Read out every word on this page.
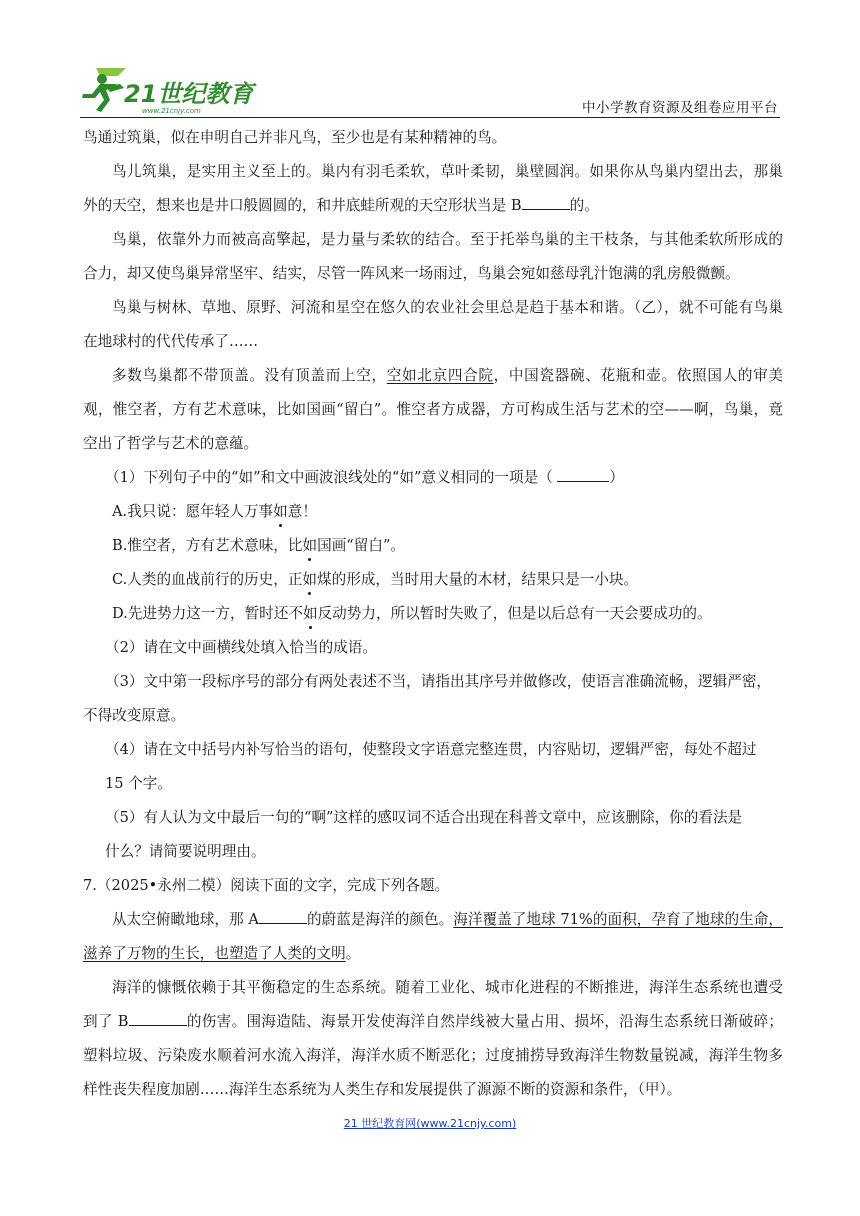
21世纪教育
www.21cnjy.com	中小学教育资源及组卷应用平台

鸟通过筑巢，似在申明自己并非凡鸟，至少也是有某种精神的鸟。

鸟儿筑巢，是实用主义至上的。巢内有羽毛柔软，草叶柔韧，巢壁圆润。如果你从鸟巢内望出去，那巢外的天空，想来也是井口般圆圆的，和井底蛙所观的天空形状当是 B	的。

鸟巢，依靠外力而被高高擎起，是力量与柔软的结合。至于托举鸟巢的主干枝条，与其他柔软所形成的合力，却又使鸟巢异常坚牢、结实，尽管一阵风来一场雨过，鸟巢会宛如慈母乳汁饱满的乳房般微颤。

鸟巢与树林、草地、原野、河流和星空在悠久的农业社会里总是趋于基本和谐。（乙），就不可能有鸟巢在地球村的代代传承了……

多数鸟巢都不带顶盖。没有顶盖而上空，空如北京四合院，中国瓷器碗、花瓶和壶。依照国人的审美观，惟空者，方有艺术意味，比如国画“留白”。惟空者方成器，方可构成生活与艺术的空——啊，鸟巢，竟空出了哲学与艺术的意蕴。

（1）下列句子中的“如”和文中画波浪线处的“如”意义相同的一项是（	）

A.我只说：愿年轻人万事如意！

B.惟空者，方有艺术意味，比如国画“留白”。

C.人类的血战前行的历史，正如煤的形成，当时用大量的木材，结果只是一小块。

D.先进势力这一方，暂时还不如反动势力，所以暂时失败了，但是以后总有一天会要成功的。

（2）请在文中画横线处填入恰当的成语。

（3）文中第一段标序号的部分有两处表述不当，请指出其序号并做修改，使语言准确流畅，逻辑严密，

不得改变原意。

（4）请在文中括号内补写恰当的语句，使整段文字语意完整连贯，内容贴切，逻辑严密，每处不超过

15 个字。

（5）有人认为文中最后一句的“啊”这样的感叹词不适合出现在科普文章中，应该删除，你的看法是

什么？请简要说明理由。

7.（2025•永州二模）阅读下面的文字，完成下列各题。

从太空俯瞰地球，那 A	的蔚蓝是海洋的颜色。海洋覆盖了地球 71%的面积，孕育了地球的生命，滋养了万物的生长，也塑造了人类的文明。

海洋的慷慨依赖于其平衡稳定的生态系统。随着工业化、城市化进程的不断推进，海洋生态系统也遭受到了 B	的伤害。围海造陆、海景开发使海洋自然岸线被大量占用、损坏，沿海生态系统日渐破碎；塑料垃圾、污染废水顺着河水流入海洋，海洋水质不断恶化；过度捕捞导致海洋生物数量锐减，海洋生物多样性丧失程度加剧……海洋生态系统为人类生存和发展提供了源源不断的资源和条件，（甲）。

21 世纪教育网(www.21cnjy.com)
